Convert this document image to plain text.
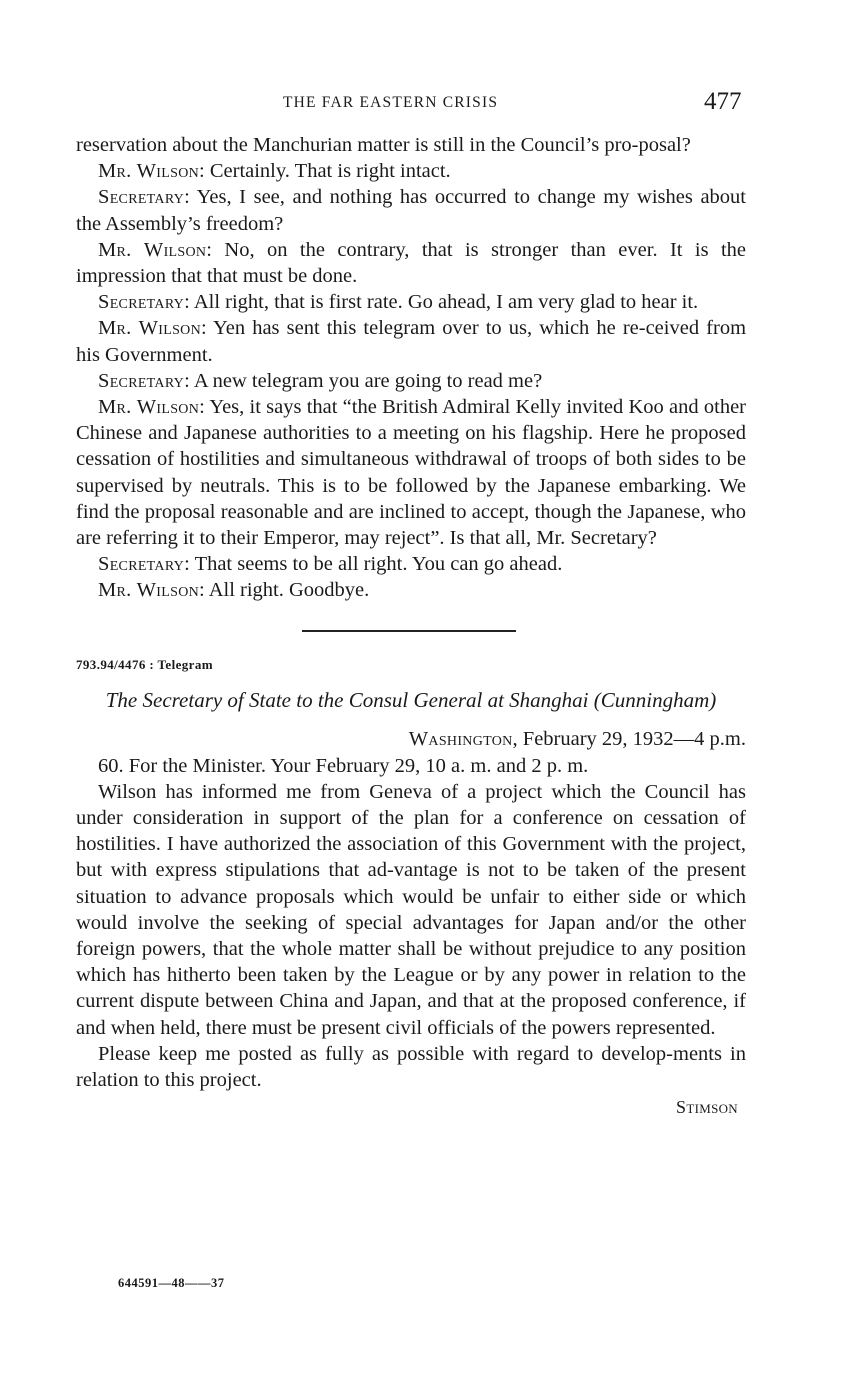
THE FAR EASTERN CRISIS	477

reservation about the Manchurian matter is still in the Council’s pro-posal?

Mr. Wilson: Certainly. That is right intact.

Secretary: Yes, I see, and nothing has occurred to change my wishes about the Assembly’s freedom?

Mr. Wilson: No, on the contrary, that is stronger than ever. It is the impression that that must be done.

Secretary: All right, that is first rate. Go ahead, I am very glad to hear it.

Mr. Wilson: Yen has sent this telegram over to us, which he re-ceived from his Government.

Secretary: A new telegram you are going to read me?

Mr. Wilson: Yes, it says that “the British Admiral Kelly invited Koo and other Chinese and Japanese authorities to a meeting on his flagship. Here he proposed cessation of hostilities and simultaneous withdrawal of troops of both sides to be supervised by neutrals. This is to be followed by the Japanese embarking. We find the proposal reasonable and are inclined to accept, though the Japanese, who are referring it to their Emperor, may reject”. Is that all, Mr. Secretary?

Secretary: That seems to be all right. You can go ahead.

Mr. Wilson: All right. Goodbye.

793.94/4476 : Telegram
The Secretary of State to the Consul General at Shanghai (Cunningham)
Washington, February 29, 1932—4 p.m.

60. For the Minister. Your February 29, 10 a. m. and 2 p. m.

Wilson has informed me from Geneva of a project which the Council has under consideration in support of the plan for a conference on cessation of hostilities. I have authorized the association of this Government with the project, but with express stipulations that ad-vantage is not to be taken of the present situation to advance proposals which would be unfair to either side or which would involve the seeking of special advantages for Japan and/or the other foreign powers, that the whole matter shall be without prejudice to any position which has hitherto been taken by the League or by any power in relation to the current dispute between China and Japan, and that at the proposed conference, if and when held, there must be present civil officials of the powers represented.

Please keep me posted as fully as possible with regard to develop-ments in relation to this project.

Stimson
644591—48——37
